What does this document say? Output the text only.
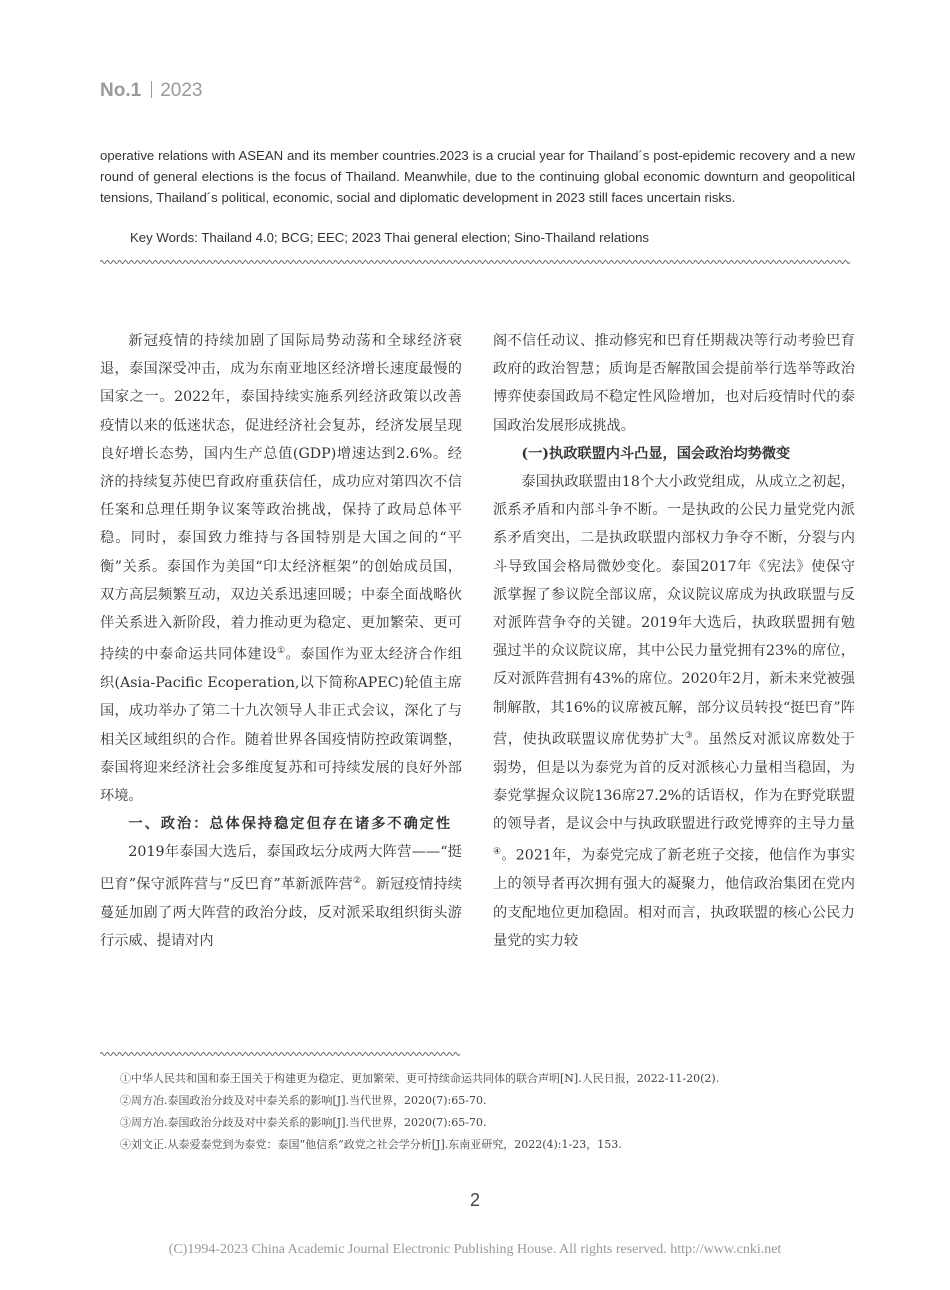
No.1 2023

operative relations with ASEAN and its member countries.2023 is a crucial year for Thailand´s post-epidemic recovery and a new round of general elections is the focus of Thailand. Meanwhile, due to the continuing global economic downturn and geopolitical tensions, Thailand´s political, economic, social and diplomatic development in 2023 still faces uncertain risks.

Key Words: Thailand 4.0; BCG; EEC; 2023 Thai general election; Sino-Thailand relations

新冠疫情的持续加剧了国际局势动荡和全球经济衰退，泰国深受冲击，成为东南亚地区经济增长速度最慢的国家之一。2022年，泰国持续实施系列经济政策以改善疫情以来的低迷状态，促进经济社会复苏，经济发展呈现良好增长态势，国内生产总值(GDP)增速达到2.6%。经济的持续复苏使巴育政府重获信任，成功应对第四次不信任案和总理任期争议案等政治挑战，保持了政局总体平稳。同时，泰国致力维持与各国特别是大国之间的“平衡”关系。泰国作为美国“印太经济框架”的创始成员国，双方高层频繁互动，双边关系迅速回暖；中泰全面战略伙伴关系进入新阶段，着力推动更为稳定、更加繁荣、更可持续的中泰命运共同体建设①。泰国作为亚太经济合作组织(Asia-Pacific Ecoperation,以下简称APEC)轮值主席国，成功举办了第二十九次领导人非正式会议，深化了与相关区域组织的合作。随着世界各国疫情防控政策调整，泰国将迎来经济社会多维度复苏和可持续发展的良好外部环境。

一、政治：总体保持稳定但存在诸多不确定性

2019年泰国大选后，泰国政坛分成两大阵营——“挺巴育”保守派阵营与“反巴育”革新派阵营②。新冠疫情持续蔓延加剧了两大阵营的政治分歧，反对派采取组织街头游行示威、提请对内

阁不信任动议、推动修宪和巴育任期裁决等行动考验巴育政府的政治智慧；质询是否解散国会提前举行选举等政治博弈使泰国政局不稳定性风险增加，也对后疫情时代的泰国政治发展形成挑战。

(一)执政联盟内斗凸显，国会政治均势微变

泰国执政联盟由18个大小政党组成，从成立之初起，派系矛盾和内部斗争不断。一是执政的公民力量党党内派系矛盾突出，二是执政联盟内部权力争夺不断，分裂与内斗导致国会格局微妙变化。泰国2017年《宪法》使保守派掌握了参议院全部议席，众议院议席成为执政联盟与反对派阵营争夺的关键。2019年大选后，执政联盟拥有勉强过半的众议院议席，其中公民力量党拥有23%的席位，反对派阵营拥有43%的席位。2020年2月，新未来党被强制解散，其16%的议席被瓦解，部分议员转投“挺巴育”阵营，使执政联盟议席优势扩大③。虽然反对派议席数处于弱势，但是以为泰党为首的反对派核心力量相当稳固，为泰党掌握众议院136席27.2%的话语权，作为在野党联盟的领导者，是议会中与执政联盟进行政党博弈的主导力量④。2021年，为泰党完成了新老班子交接，他信作为事实上的领导者再次拥有强大的凝聚力，他信政治集团在党内的支配地位更加稳固。相对而言，执政联盟的核心公民力量党的实力较

①中华人民共和国和泰王国关于构建更为稳定、更加繁荣、更可持续命运共同体的联合声明[N].人民日报，2022-11-20(2).
②周方冶.泰国政治分歧及对中泰关系的影响[J].当代世界，2020(7):65-70.
③周方冶.泰国政治分歧及对中泰关系的影响[J].当代世界，2020(7):65-70.
④刘文正.从泰爱泰党到为泰党：泰国“他信系”政党之社会学分析[J].东南亚研究，2022(4):1-23，153.
2
(C)1994-2023 China Academic Journal Electronic Publishing House. All rights reserved. http://www.cnki.net
